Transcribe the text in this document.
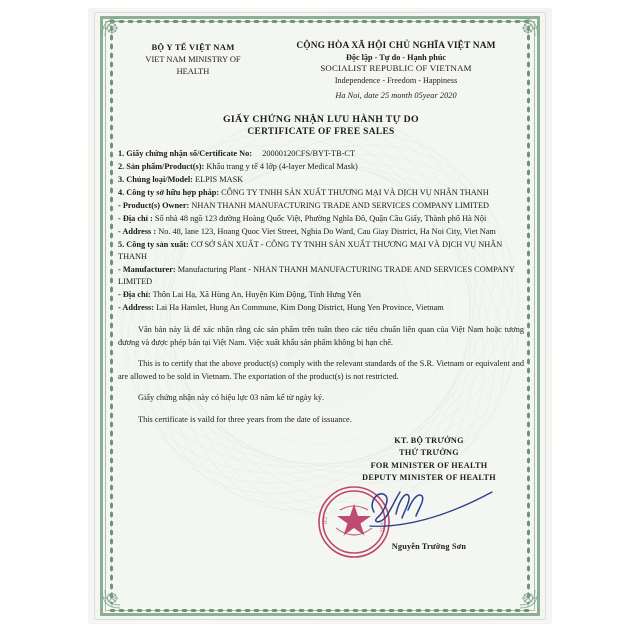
BỘ Y TẾ VIỆT NAM
VIET NAM MINISTRY OF
HEALTH
CỘNG HÒA XÃ HỘI CHỦ NGHĨA VIỆT NAM
Độc lập - Tự do - Hạnh phúc
SOCIALIST REPUBLIC OF VIETNAM
Independence - Freedom - Happiness
Ha Noi, date 25 month 05year 2020
GIẤY CHỨNG NHẬN LƯU HÀNH TỰ DO
CERTIFICATE OF FREE SALES
1. Giấy chứng nhận số/Certificate No:  20000120CFS/BYT-TB-CT
2. Sản phẩm/Product(s): Khẩu trang y tế 4 lớp (4-layer Medical Mask)
3. Chủng loại/Model: ELPIS MASK
4. Công ty sở hữu hợp pháp: CÔNG TY TNHH SẢN XUẤT THƯƠNG MẠI VÀ DỊCH VỤ NHÂN THANH
- Product(s) Owner: NHAN THANH MANUFACTURING TRADE AND SERVICES COMPANY LIMITED
- Địa chỉ : Số nhà 48 ngõ 123 đường Hoàng Quốc Việt, Phường Nghĩa Đô, Quận Cầu Giấy, Thành phố Hà Nội
- Address : No. 48, lane 123, Hoang Quoc Viet Street, Nghia Do Ward, Cau Giay District, Ha Noi City, Viet Nam
5. Công ty sản xuất: CƠ SỞ SẢN XUẤT - CÔNG TY TNHH SẢN XUẤT THƯƠNG MẠI VÀ DỊCH VỤ NHÂN THANH
- Manufacturer: Manufacturing Plant - NHAN THANH MANUFACTURING TRADE AND SERVICES COMPANY LIMITED
- Địa chỉ: Thôn Lai Hạ, Xã Hùng An, Huyện Kim Động, Tỉnh Hưng Yên
- Address: Lai Ha Hamlet, Hung An Commune, Kim Dong District, Hung Yen Province, Vietnam
Văn bản này là để xác nhận rằng các sản phẩm trên tuân theo các tiêu chuẩn liên quan của Việt Nam hoặc tương đương và được phép bán tại Việt Nam. Việc xuất khẩu sản phẩm không bị hạn chế.
This is to certify that the above product(s) comply with the relevant standards of the S.R. Vietnam or equivalent and are allowed to be sold in Vietnam. The exportation of the product(s) is not restricted.
Giấy chứng nhận này có hiệu lực 03 năm kể từ ngày ký.
This certificate is vaild for three years from the date of issuance.
KT. BỘ TRƯỞNG
THỨ TRƯỞNG
FOR MINISTER OF HEALTH
DEPUTY MINISTER OF HEALTH
BỘ
Y TẾ
Nguyễn Trường Sơn
